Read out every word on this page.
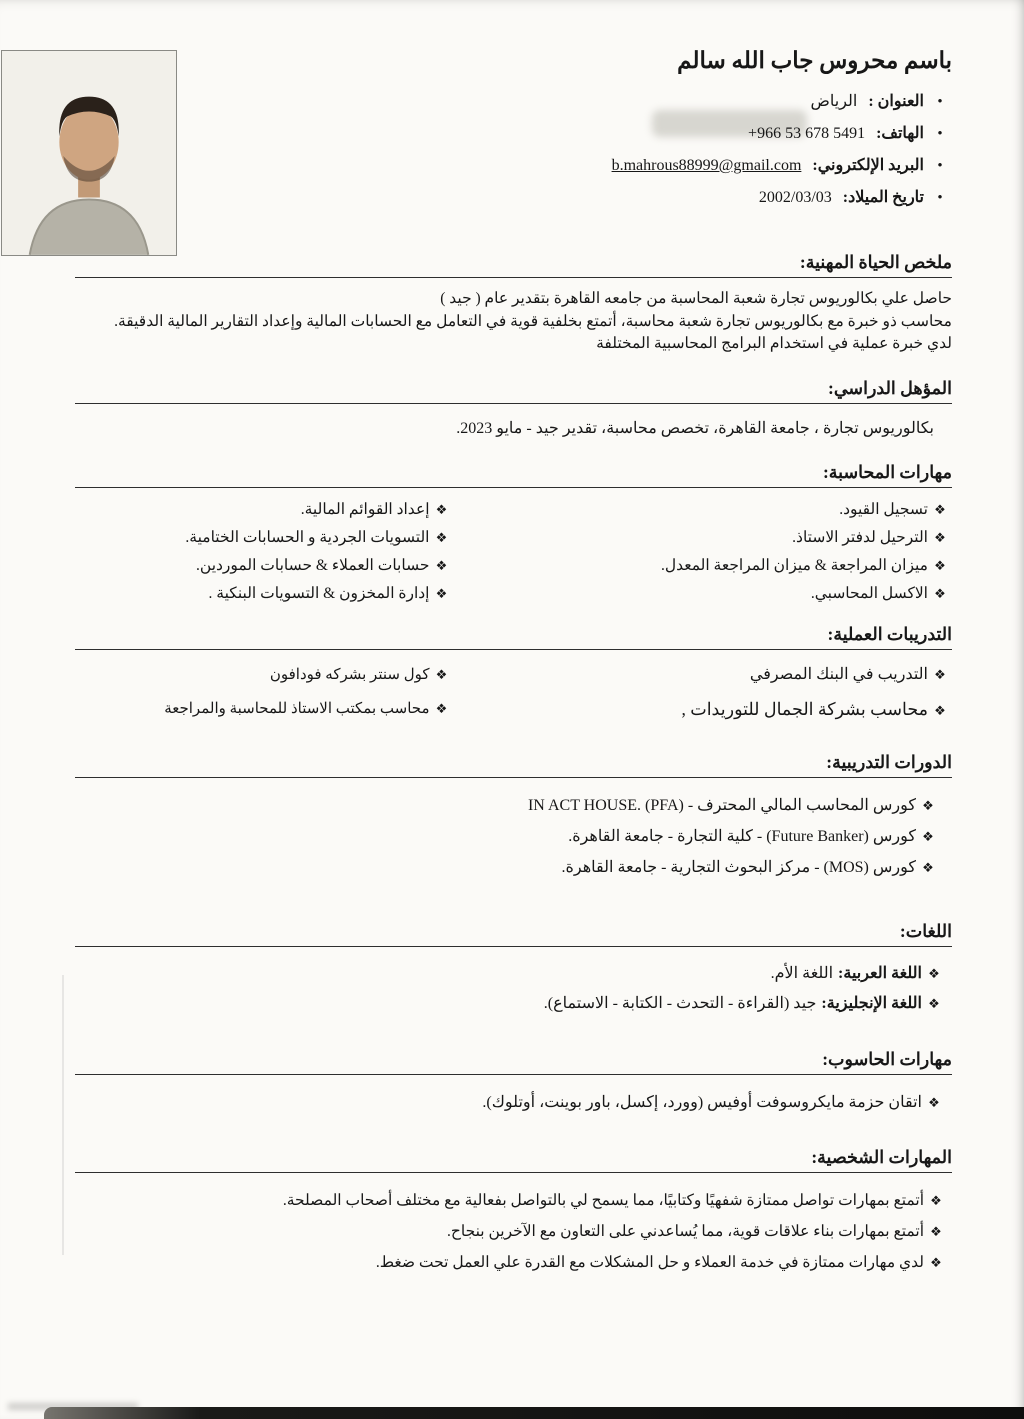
باسم محروس جاب الله سالم
• العنوان : الرياض
• الهاتف: +966 53 678 5491
• البريد الإلكتروني: b.mahrous88999@gmail.com
• تاريخ الميلاد: 2002/03/03
ملخص الحياة المهنية:
حاصل علي بكالوريوس تجارة شعبة المحاسبة من جامعه القاهرة بتقدير عام ( جيد )
محاسب ذو خبرة مع بكالوريوس تجارة شعبة محاسبة، أتمتع بخلفية قوية في التعامل مع الحسابات المالية وإعداد التقارير المالية الدقيقة.
لدي خبرة عملية في استخدام البرامج المحاسبية المختلفة
المؤهل الدراسي:
بكالوريوس تجارة ، جامعة القاهرة، تخصص محاسبة، تقدير جيد - مايو 2023.
مهارات المحاسبة:
❖تسجيل القيود.
❖الترحيل لدفتر الاستاذ.
❖ميزان المراجعة & ميزان المراجعة المعدل.
❖الاكسل المحاسبي.
❖إعداد القوائم المالية.
❖التسويات الجردية و الحسابات الختامية.
❖حسابات العملاء & حسابات الموردين.
❖إدارة المخزون & التسويات البنكية .
التدريبات العملية:
❖التدريب في البنك المصرفي
❖محاسب بشركة الجمال للتوريدات ,
❖كول سنتر بشركه فودافون
❖محاسب بمكتب الاستاذ للمحاسبة والمراجعة
الدورات التدريبية:
❖كورس المحاسب المالي المحترف - IN ACT HOUSE. (PFA)
❖كورس (Future Banker) - كلية التجارة - جامعة القاهرة.
❖كورس (MOS) - مركز البحوث التجارية - جامعة القاهرة.
اللغات:
❖اللغة العربية:اللغة الأم.
❖اللغة الإنجليزية:جيد (القراءة - التحدث - الكتابة - الاستماع).
مهارات الحاسوب:
❖اتقان حزمة مايكروسوفت أوفيس (وورد، إكسل، باور بوينت، أوتلوك).
المهارات الشخصية:
❖أتمتع بمهارات تواصل ممتازة شفهيًا وكتابيًا، مما يسمح لي بالتواصل بفعالية مع مختلف أصحاب المصلحة.
❖أتمتع بمهارات بناء علاقات قوية، مما يُساعدني على التعاون مع الآخرين بنجاح.
❖لدي مهارات ممتازة في خدمة العملاء و حل المشكلات مع القدرة علي العمل تحت ضغط.
